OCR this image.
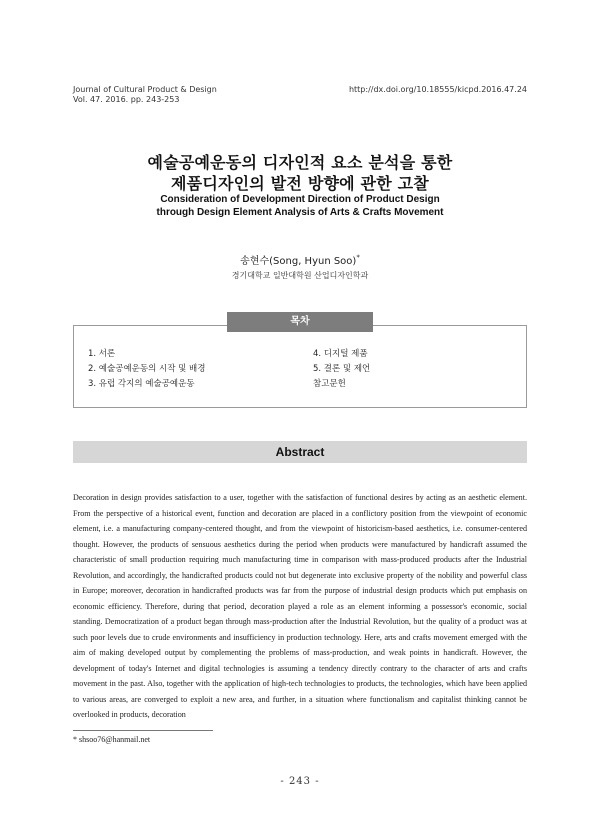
Journal of Cultural Product & Design
Vol. 47. 2016. pp. 243-253
http://dx.doi.org/10.18555/kicpd.2016.47.24
예술공예운동의 디자인적 요소 분석을 통한
제품디자인의 발전 방향에 관한 고찰
Consideration of Development Direction of Product Design
through Design Element Analysis of Arts & Crafts Movement
송현수(Song, Hyun Soo)*
경기대학교 일반대학원 산업디자인학과
목차
1. 서론
2. 예술공예운동의 시작 및 배경
3. 유럽 각지의 예술공예운동
4. 디지털 제품
5. 결론 및 제언
참고문헌
Abstract

Decoration in design provides satisfaction to a user, together with the satisfaction of functional desires by acting as an aesthetic element. From the perspective of a historical event, function and decoration are placed in a conflictory position from the viewpoint of economic element, i.e. a manufacturing company-centered thought, and from the viewpoint of historicism-based aesthetics, i.e. consumer-centered thought. However, the products of sensuous aesthetics during the period when products were manufactured by handicraft assumed the characteristic of small production requiring much manufacturing time in comparison with mass-produced products after the Industrial Revolution, and accordingly, the handicrafted products could not but degenerate into exclusive property of the nobility and powerful class in Europe; moreover, decoration in handicrafted products was far from the purpose of industrial design products which put emphasis on economic efficiency. Therefore, during that period, decoration played a role as an element informing a possessor's economic, social standing. Democratization of a product began through mass-production after the Industrial Revolution, but the quality of a product was at such poor levels due to crude environments and insufficiency in production technology. Here, arts and crafts movement emerged with the aim of making developed output by complementing the problems of mass-production, and weak points in handicraft. However, the development of today's Internet and digital technologies is assuming a tendency directly contrary to the character of arts and crafts movement in the past. Also, together with the application of high-tech technologies to products, the technologies, which have been applied to various areas, are converged to exploit a new area, and further, in a situation where functionalism and capitalist thinking cannot be overlooked in products, decoration

* shsoo76@hanmail.net
- 243 -
